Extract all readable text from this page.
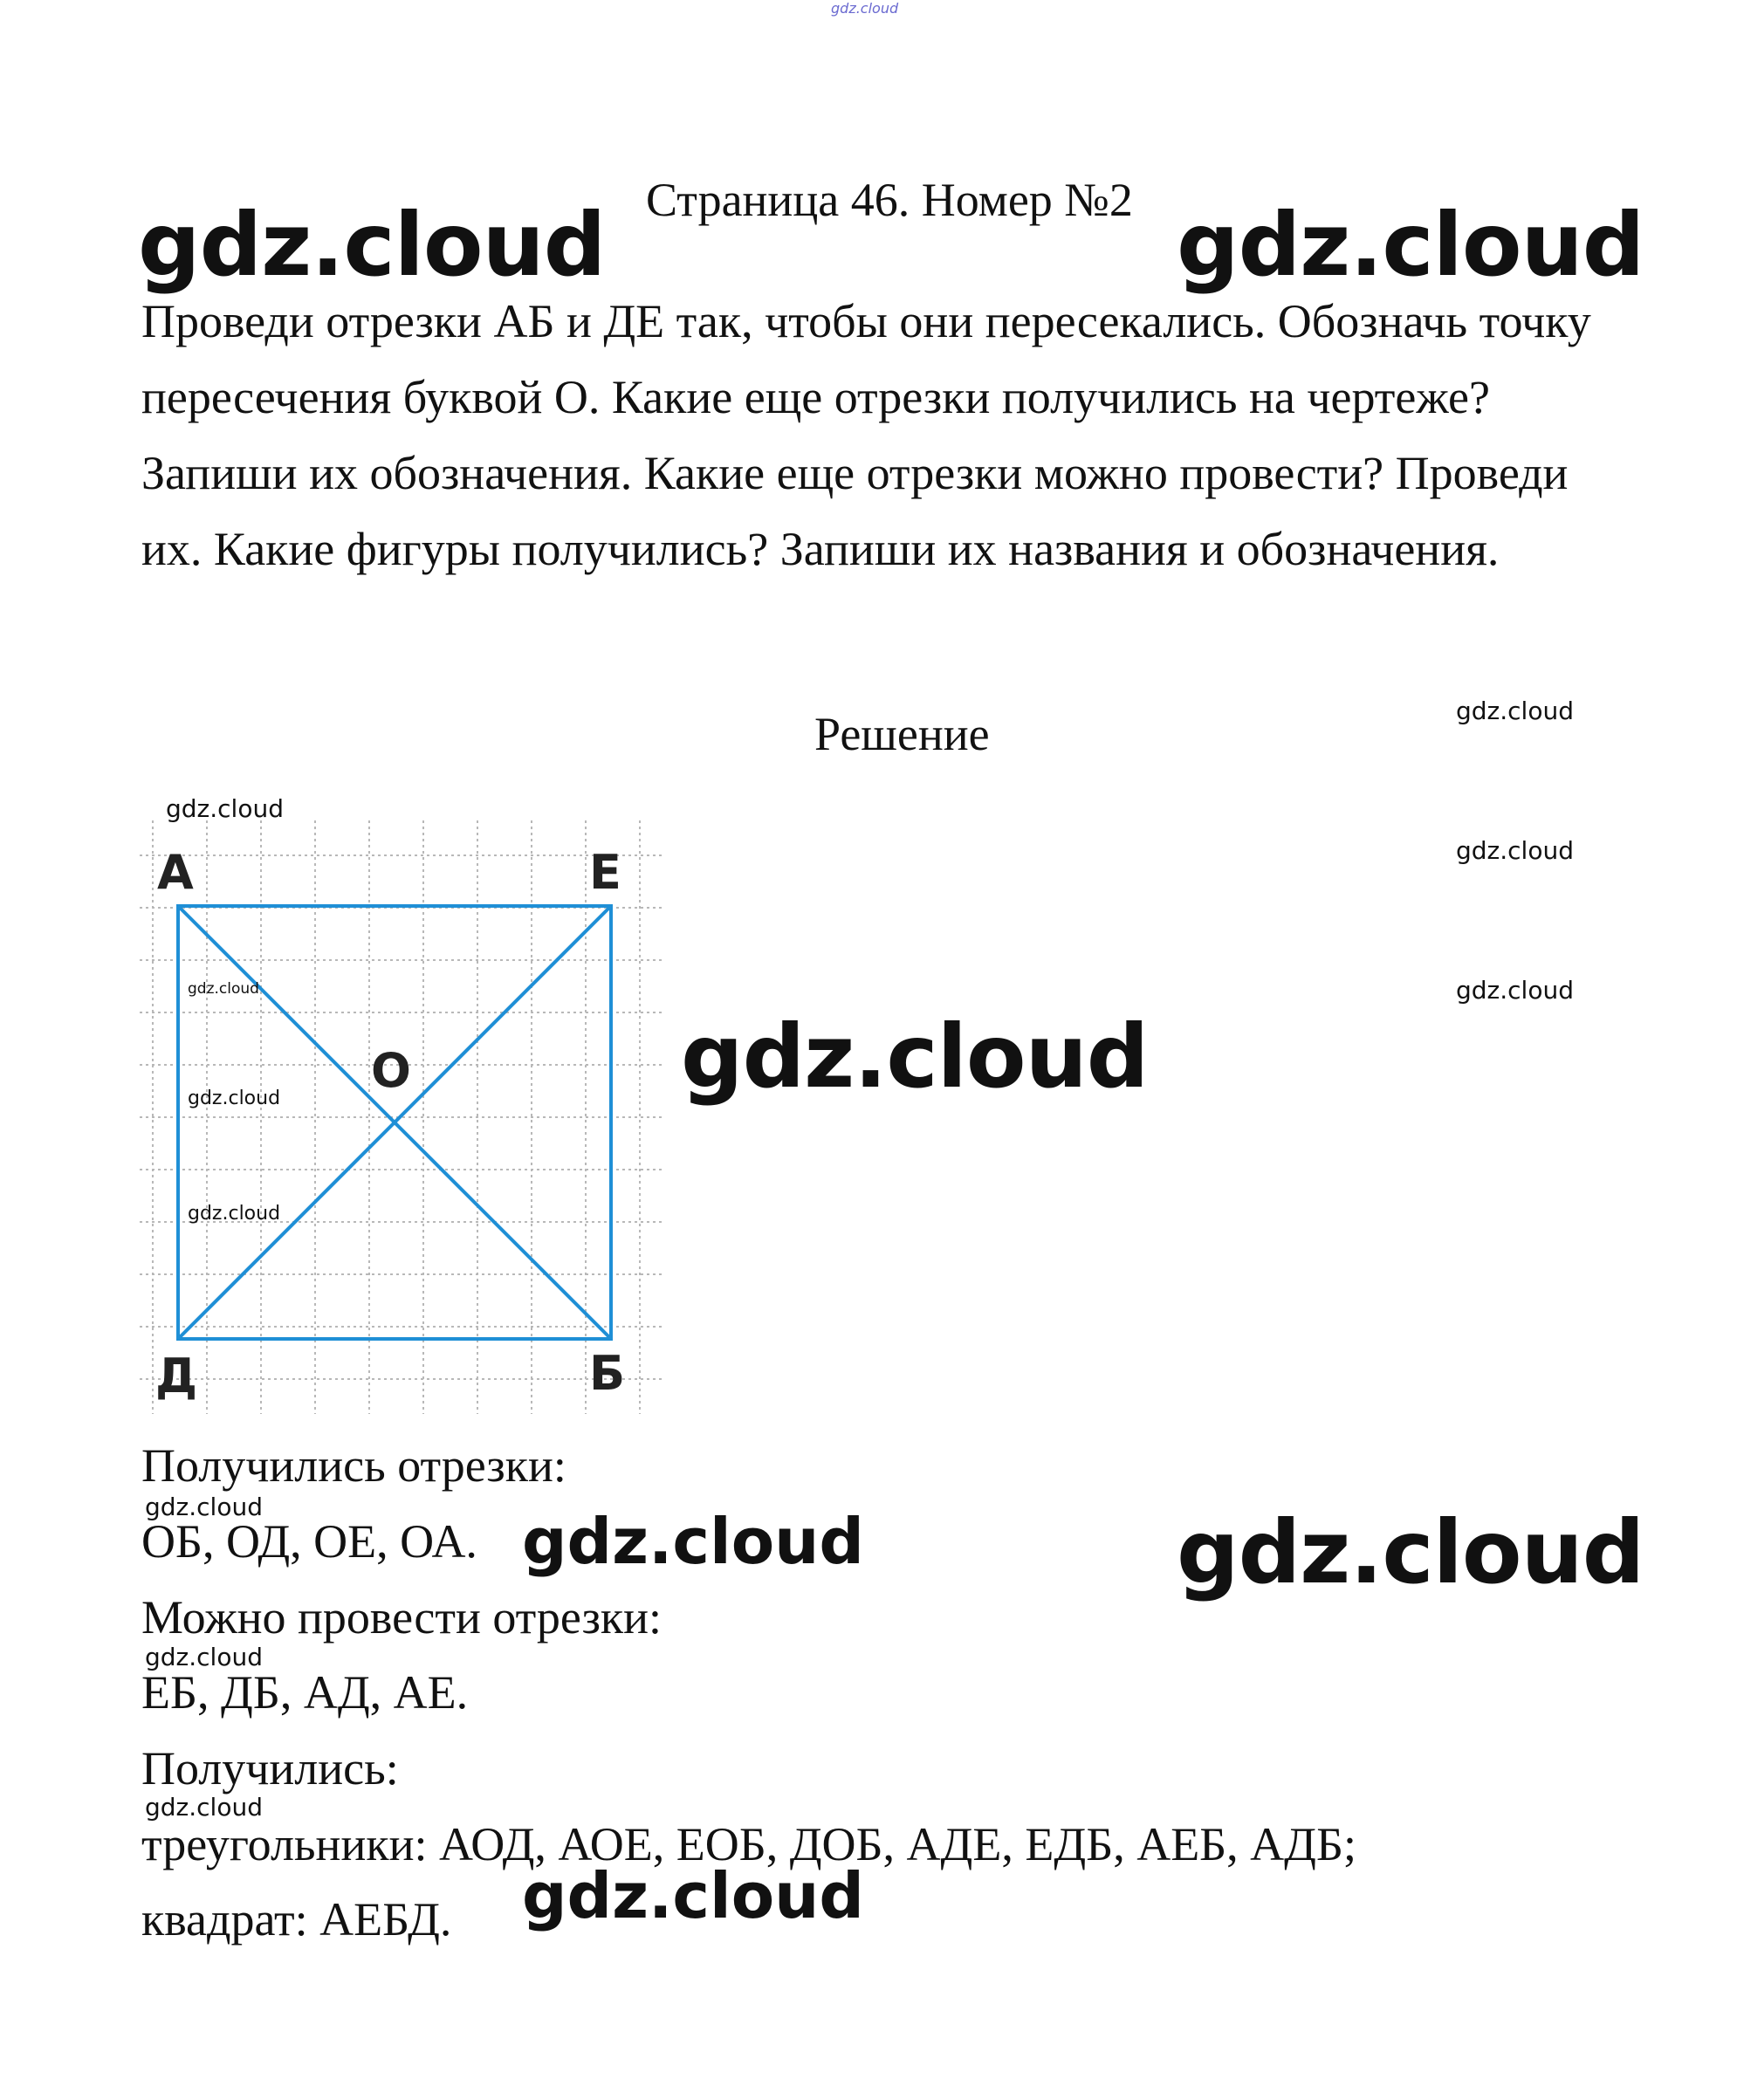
gdz.cloud
Страница 46. Номер №2
gdz.cloud	gdz.cloud
Проведи отрезки АБ и ДЕ так, чтобы они пересекались. Обозначь точку пересечения буквой О. Какие еще отрезки получились на чертеже? Запиши их обозначения. Какие еще отрезки можно провести? Проведи их. Какие фигуры получились? Запиши их названия и обозначения.
Решение	gdz.cloud
gdz.cloud
gdz.cloud
gdz.cloud
А	Е
Д	Б
О
gdz.cloud
gdz.cloud
gdz.cloud
gdz.cloud
Получились отрезки:
gdz.cloud
ОБ, ОД, ОЕ, ОА. gdz.cloud	gdz.cloud
Можно провести отрезки:
gdz.cloud
ЕБ, ДБ, АД, АЕ.
Получились:
gdz.cloud
треугольники: АОД, АОЕ, ЕОБ, ДОБ, АДЕ, ЕДБ, АЕБ, АДБ;
квадрат: АЕБД. gdz.cloud
